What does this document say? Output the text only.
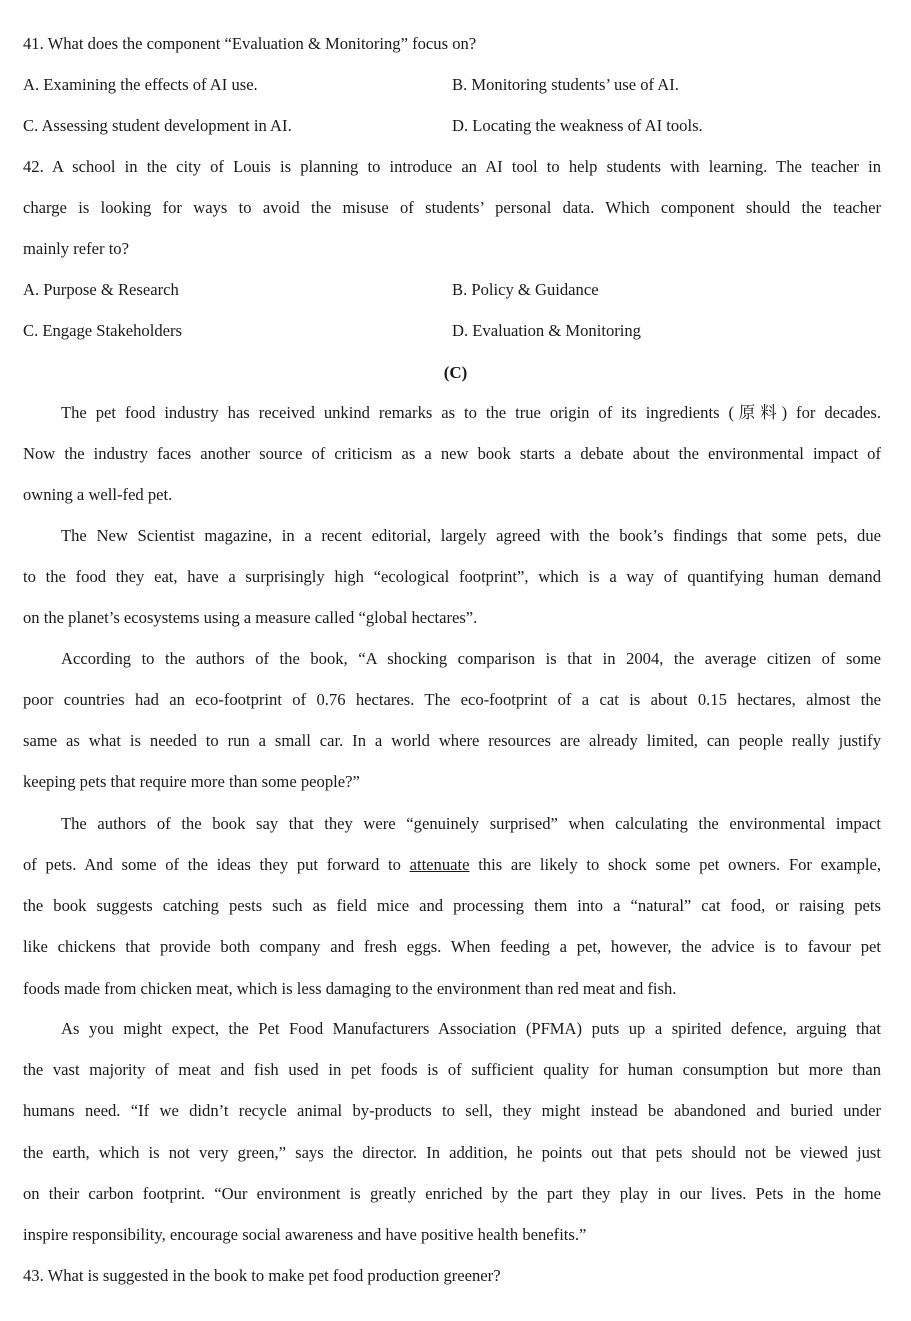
41. What does the component “Evaluation & Monitoring” focus on?
A. Examining the effects of AI use.	B. Monitoring students’ use of AI.
C. Assessing student development in AI.	D. Locating the weakness of AI tools.
42. A school in the city of Louis is planning to introduce an AI tool to help students with learning. The teacher in
charge is looking for ways to avoid the misuse of students’ personal data. Which component should the teacher
mainly refer to?
A. Purpose & Research	B. Policy & Guidance
C. Engage Stakeholders	D. Evaluation & Monitoring
(C)
The pet food industry has received unkind remarks as to the true origin of its ingredients (原料) for decades.
Now the industry faces another source of criticism as a new book starts a debate about the environmental impact of
owning a well-fed pet.
The New Scientist magazine, in a recent editorial, largely agreed with the book’s findings that some pets, due
to the food they eat, have a surprisingly high “ecological footprint”, which is a way of quantifying human demand
on the planet’s ecosystems using a measure called “global hectares”.
According to the authors of the book, “A shocking comparison is that in 2004, the average citizen of some
poor countries had an eco-footprint of 0.76 hectares. The eco-footprint of a cat is about 0.15 hectares, almost the
same as what is needed to run a small car. In a world where resources are already limited, can people really justify
keeping pets that require more than some people?”
The authors of the book say that they were “genuinely surprised” when calculating the environmental impact
of pets. And some of the ideas they put forward to attenuate this are likely to shock some pet owners. For example,
the book suggests catching pests such as field mice and processing them into a “natural” cat food, or raising pets
like chickens that provide both company and fresh eggs. When feeding a pet, however, the advice is to favour pet
foods made from chicken meat, which is less damaging to the environment than red meat and fish.
As you might expect, the Pet Food Manufacturers Association (PFMA) puts up a spirited defence, arguing that
the vast majority of meat and fish used in pet foods is of sufficient quality for human consumption but more than
humans need. “If we didn’t recycle animal by-products to sell, they might instead be abandoned and buried under
the earth, which is not very green,” says the director. In addition, he points out that pets should not be viewed just
on their carbon footprint. “Our environment is greatly enriched by the part they play in our lives. Pets in the home
inspire responsibility, encourage social awareness and have positive health benefits.”
43. What is suggested in the book to make pet food production greener?
